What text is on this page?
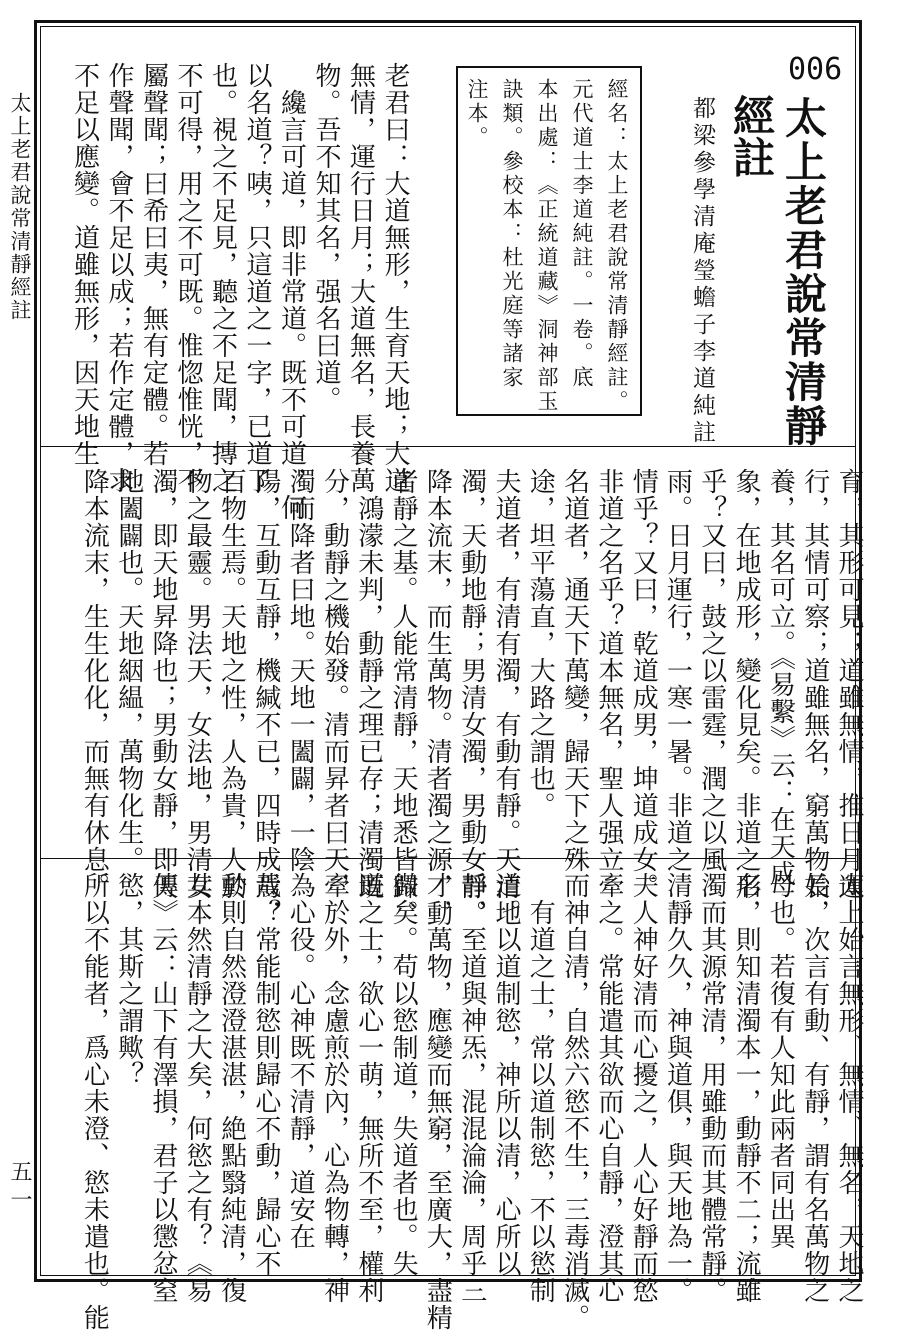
太上老君說常清靜經註
五一
006
太上老君說常清靜
經註
都梁參學清庵瑩蟾子李道純註
經名：太上老君說常清靜經註。
元代道士李道純註。一卷。底
本出處：《正統道藏》洞神部玉
訣類。參校本：杜光庭等諸家
注本。
老君曰：大道無形，生育天地；大道
無情，運行日月；大道無名，長養萬
物。吾不知其名，强名曰道。
　纔言可道，即非常道。既不可道，何
以名道？咦，只這道之一字，已道了
也。視之不足見，聽之不足聞，摶之
不可得，用之不可既。惟惚惟恍，不
屬聲聞；曰希曰夷，無有定體。若
作聲聞，會不足以成；若作定體，求
不足以應變。道雖無形，因天地生
育，其形可見；道雖無情，推日月運
行，其情可察；道雖無名，窮萬物長
養，其名可立。《易繫》云：在天成
象，在地成形，變化見矣。非道之形
乎？又曰，鼓之以雷霆，潤之以風
雨。日月運行，一寒一暑。非道之
情乎？又曰，乾道成男，坤道成女。
非道之名乎？道本無名，聖人强立
名道者，通天下萬變，歸天下之殊
途，坦平蕩直，大路之謂也。
夫道者，有清有濁，有動有靜。天清地
濁，天動地靜；男清女濁，男動女靜。
降本流末，而生萬物。清者濁之源，動
者靜之基。人能常清靜，天地悉皆歸。
　鴻濛未判，動靜之理已存；清濁既
分，動靜之機始發。清而昇者曰天，
濁而降者曰地。天地一闔闢，一陰
陽，互動互靜，機緘不已，四時成焉，
百物生焉。天地之性，人為貴，人於
物之最靈。男法天，女法地，男清女
濁，即天地昇降也；男動女靜，即天
地闔闢也。天地絪緼，萬物化生。
降本流末，生生化化，而無有休息。
太上始言無形、無情、無名，天地之
始，次言有動、有靜，謂有名萬物之
母也。若復有人知此兩者同出異
名，則知清濁本一，動靜不二；流雖
濁而其源常清，用雖動而其體常靜。
清靜久久，神與道俱，與天地為一。
夫人神好清而心擾之，人心好靜而慾
牽之。常能遣其欲而心自靜，澄其心
而神自清，自然六慾不生，三毒消滅。
　有道之士，常以道制慾，不以慾制
道。以道制慾，神所以清，心所以
靜，至道與神炁，混混淪淪，周乎三
才，萬物，應變而無窮，至廣大，盡精
微矣。苟以慾制道，失道者也。失
道之士，欲心一萌，無所不至，權利
牽於外，念慮煎於內，心為物轉，神
為心役。心神既不清靜，道安在
哉？常能制慾則歸心不動，歸心不
動則自然澄澄湛湛，絶點翳純清，復
其本然清靜之大矣，何慾之有？《易
傳》云：山下有澤損，君子以懲忿窒
慾，其斯之謂歟？
所以不能者，爲心未澄、慾未遣也。能
